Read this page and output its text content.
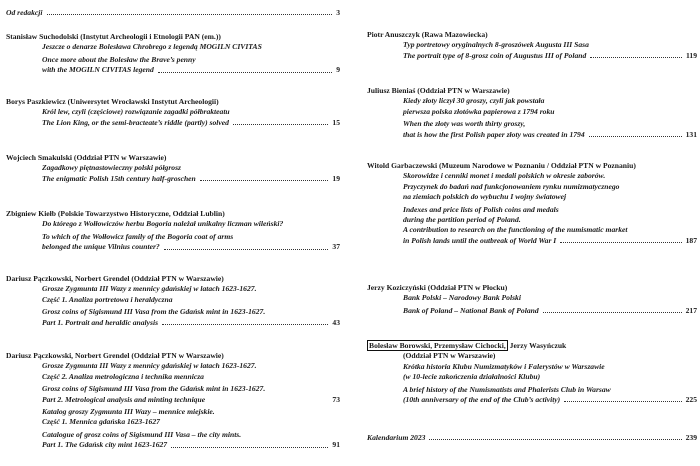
Od redakcji	3
Stanisław Suchodolski (Instytut Archeologii i Etnologii PAN (em.))
Jeszcze o denarze Bolesława Chrobrego z legendą MOGILN CIVITAS
Once more about the Bolesław the Brave’s penny
with the MOGILN CIVITAS legend	9
Borys Paszkiewicz (Uniwersytet Wrocławski Instytut Archeologii)
Król lew, czyli (częściowe) rozwiązanie zagadki półbrakteatu
The Lion King, or the semi-bracteate’s riddle (partly) solved	15
Wojciech Smakulski (Oddział PTN w Warszawie)
Zagadkowy piętnastowieczny polski półgrosz
The enigmatic Polish 15th century half-groschen	19
Zbigniew Kiełb (Polskie Towarzystwo Historyczne, Oddział Lublin)
Do którego z Wołłowiczów herbu Bogoria należał unikalny liczman wileński?
To which of the Wołłowicz family of the Bogoria coat of arms
belonged the unique Vilnius counter?	37
Dariusz Pączkowski, Norbert Grendel (Oddział PTN w Warszawie)
Grosze Zygmunta III Wazy z mennicy gdańskiej w latach 1623-1627.
Część 1. Analiza portretowa i heraldyczna
Grosz coins of Sigismund III Vasa from the Gdańsk mint in 1623-1627.
Part 1. Portrait and heraldic analysis	43
Dariusz Pączkowski, Norbert Grendel (Oddział PTN w Warszawie)
Grosze Zygmunta III Wazy z mennicy gdańskiej w latach 1623-1627.
Część 2. Analiza metrologiczna i technika mennicza
Grosz coins of Sigismund III Vasa from the Gdańsk mint in 1623-1627.
Part 2. Metrological analysis and minting technique	73
Katalog groszy Zygmunta III Wazy – mennice miejskie.
Część 1. Mennica gdańska 1623-1627
Catalogue of grosz coins of Sigismund III Vasa – the city mints.
Part 1. The Gdańsk city mint 1623-1627	91
Piotr Anuszczyk (Rawa Mazowiecka)
Typ portretowy oryginalnych 8-groszówek Augusta III Sasa
The portrait type of 8-grosz coin of Augustus III of Poland	119
Juliusz Bieniaś (Oddział PTN w Warszawie)
Kiedy złoty liczył 30 groszy, czyli jak powstała
pierwsza polska złotówka papierowa z 1794 roku
When the złoty was worth thirty groszy,
that is how the first Polish paper złoty was created in 1794	131
Witold Garbaczewski (Muzeum Narodowe w Poznaniu / Oddział PTN w Poznaniu)
Skorowidze i cenniki monet i medali polskich w okresie zaborów.
Przyczynek do badań nad funkcjonowaniem rynku numizmatycznego
na ziemiach polskich do wybuchu I wojny światowej
Indexes and price lists of Polish coins and medals
during the partition period of Poland.
A contribution to research on the functioning of the numismatic market
in Polish lands until the outbreak of World War I	187
Jerzy Koziczyński (Oddział PTN w Płocku)
Bank Polski – Narodowy Bank Polski
Bank of Poland – National Bank of Poland	217
Bolesław Borowski, Przemysław Cichocki, Jerzy Wasyńczuk
(Oddział PTN w Warszawie)
Krótka historia Klubu Numizmatyków i Falerystów w Warszawie
(w 10-lecie zakończenia działalności Klubu)
A brief history of the Numismatists and Phalerists Club in Warsaw
(10th anniversary of the end of the Club’s activity)	225
Kalendarium 2023	239
